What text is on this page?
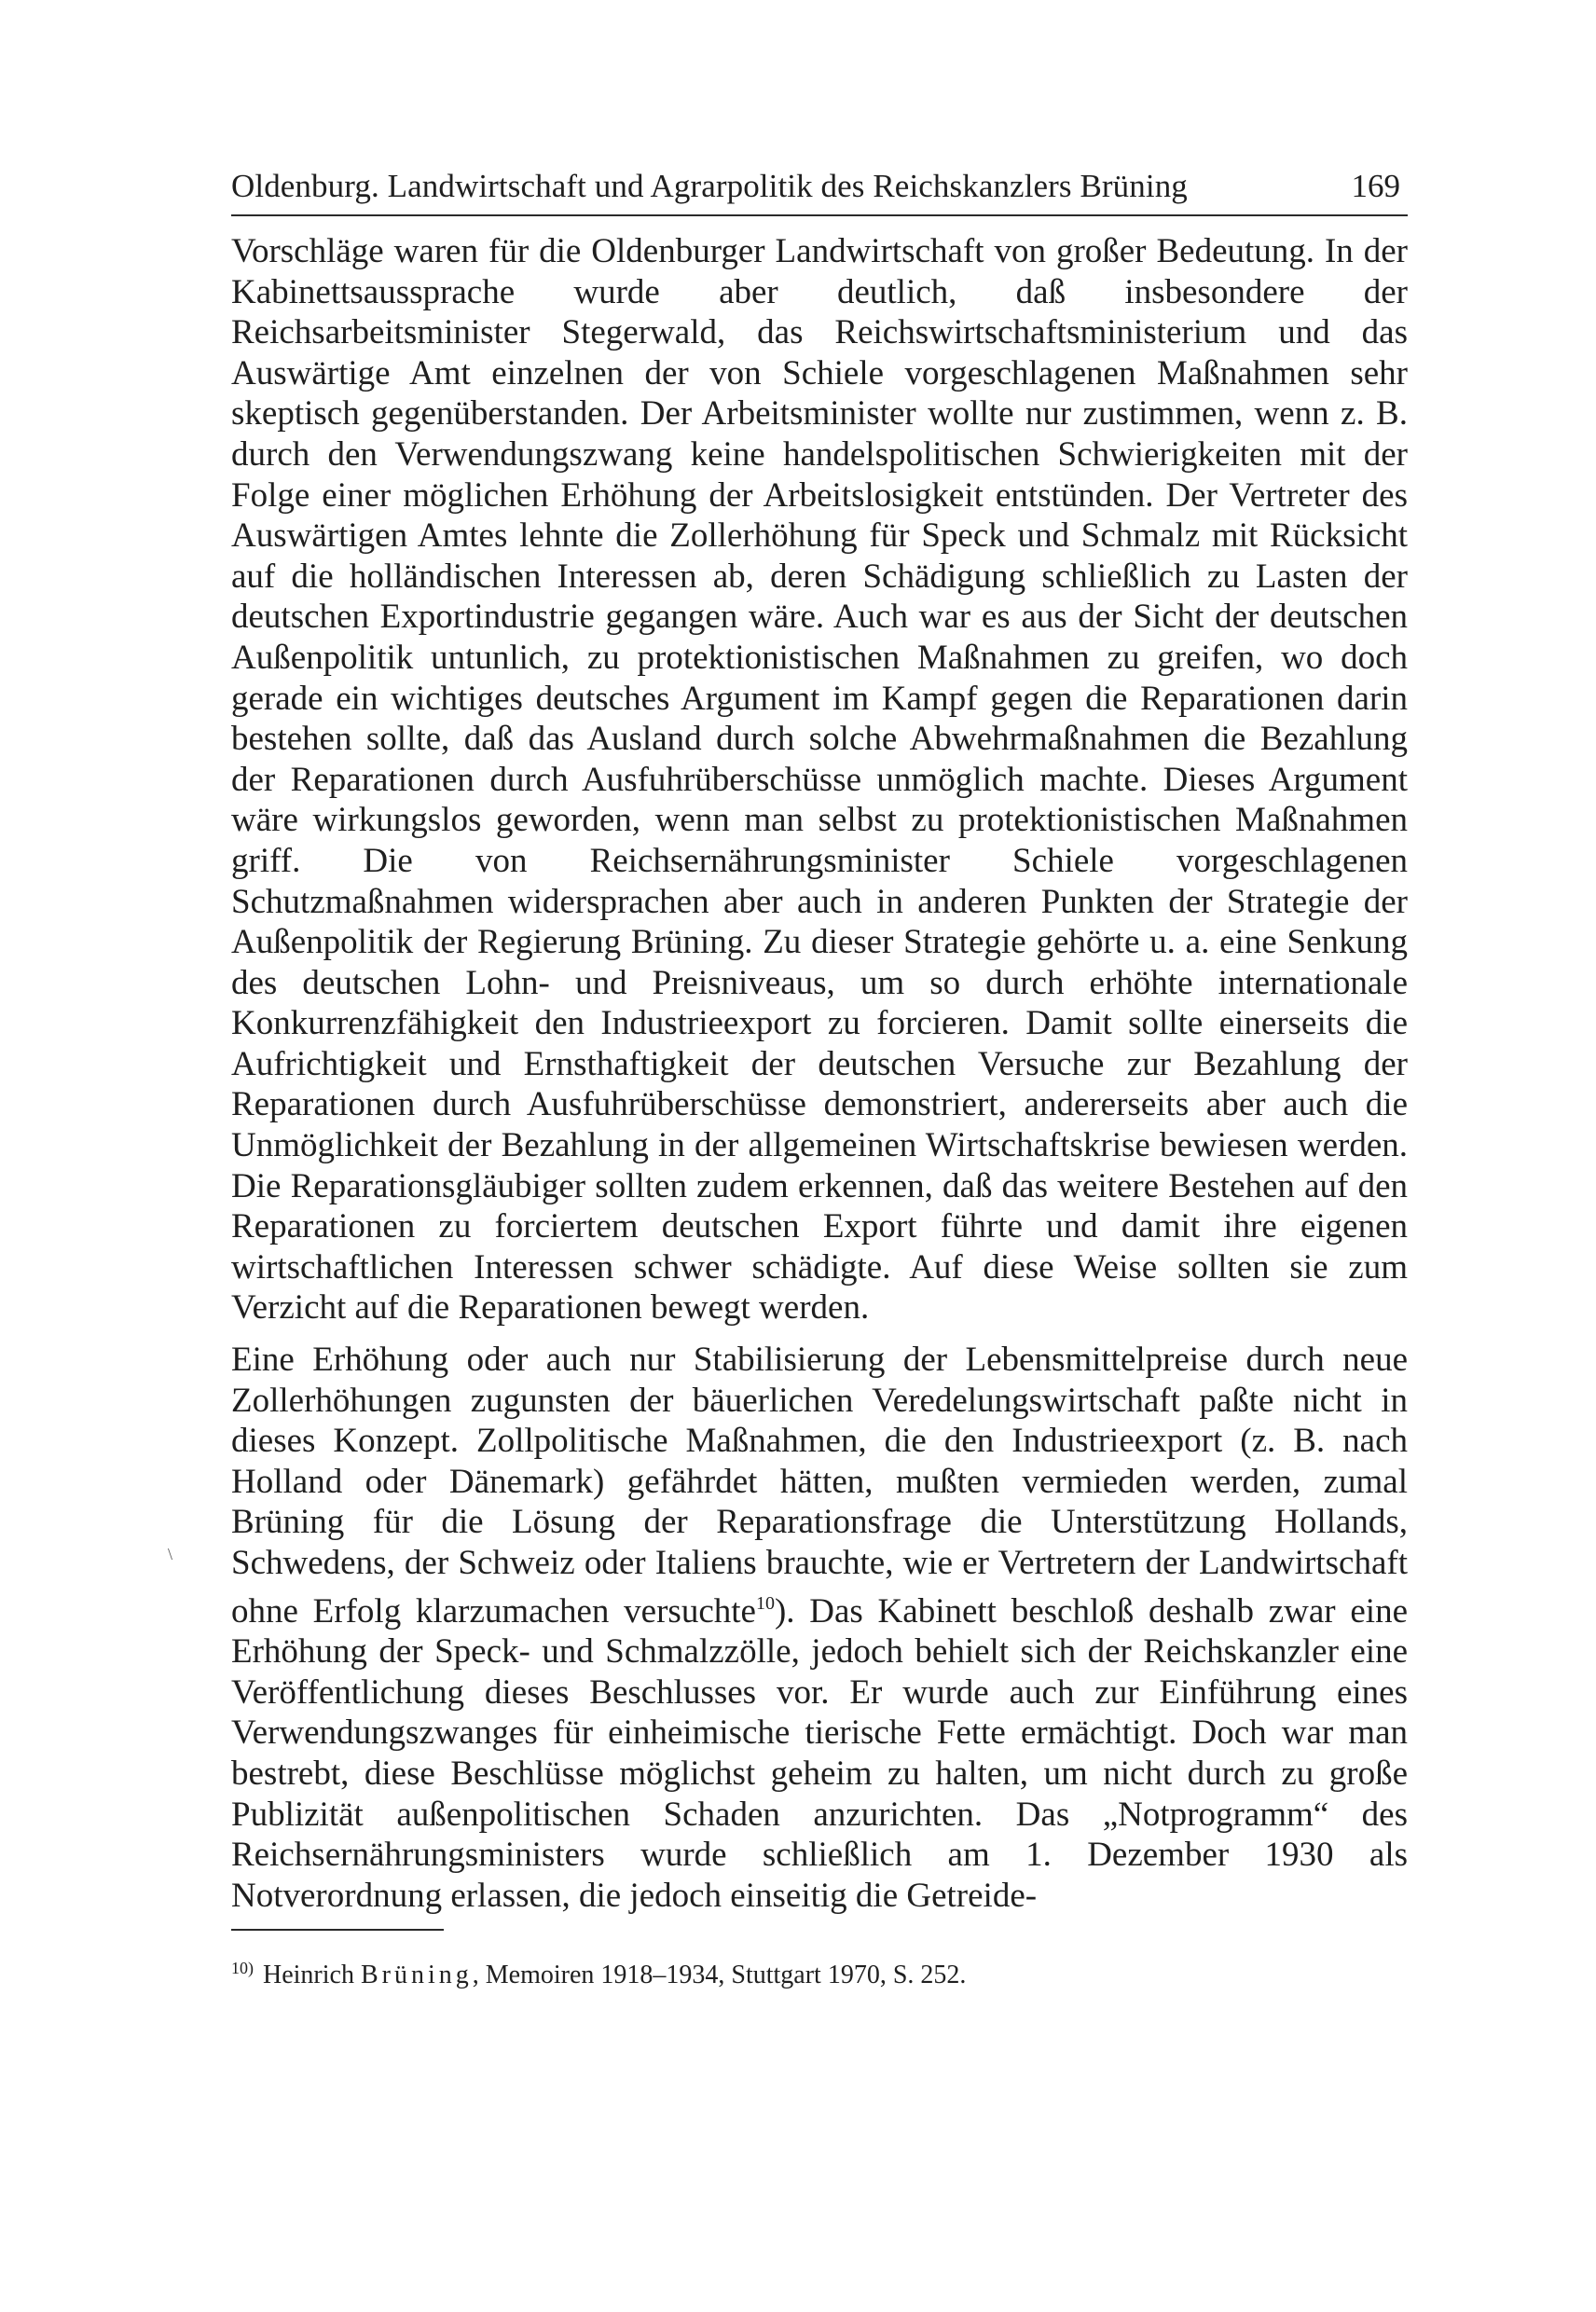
Oldenburg. Landwirtschaft und Agrarpolitik des Reichskanzlers Brüning	169

Vorschläge waren für die Oldenburger Landwirtschaft von großer Bedeutung. In der Kabinettsaussprache wurde aber deutlich, daß insbesondere der Reichsarbeitsminister Stegerwald, das Reichswirtschaftsministerium und das Auswärtige Amt einzelnen der von Schiele vorgeschlagenen Maßnahmen sehr skeptisch gegenüberstanden. Der Arbeitsminister wollte nur zustimmen, wenn z. B. durch den Verwendungszwang keine handelspolitischen Schwierigkeiten mit der Folge einer möglichen Erhöhung der Arbeitslosigkeit entstünden. Der Vertreter des Auswärtigen Amtes lehnte die Zollerhöhung für Speck und Schmalz mit Rücksicht auf die holländischen Interessen ab, deren Schädigung schließlich zu Lasten der deutschen Exportindustrie gegangen wäre. Auch war es aus der Sicht der deutschen Außenpolitik untunlich, zu protektionistischen Maßnahmen zu greifen, wo doch gerade ein wichtiges deutsches Argument im Kampf gegen die Reparationen darin bestehen sollte, daß das Ausland durch solche Abwehrmaßnahmen die Bezahlung der Reparationen durch Ausfuhrüberschüsse unmöglich machte. Dieses Argument wäre wirkungslos geworden, wenn man selbst zu protektionistischen Maßnahmen griff. Die von Reichsernährungsminister Schiele vorgeschlagenen Schutzmaßnahmen widersprachen aber auch in anderen Punkten der Strategie der Außenpolitik der Regierung Brüning. Zu dieser Strategie gehörte u. a. eine Senkung des deutschen Lohn- und Preisniveaus, um so durch erhöhte internationale Konkurrenzfähigkeit den Industrieexport zu forcieren. Damit sollte einerseits die Aufrichtigkeit und Ernsthaftigkeit der deutschen Versuche zur Bezahlung der Reparationen durch Ausfuhrüberschüsse demonstriert, andererseits aber auch die Unmöglichkeit der Bezahlung in der allgemeinen Wirtschaftskrise bewiesen werden. Die Reparationsgläubiger sollten zudem erkennen, daß das weitere Bestehen auf den Reparationen zu forciertem deutschen Export führte und damit ihre eigenen wirtschaftlichen Interessen schwer schädigte. Auf diese Weise sollten sie zum Verzicht auf die Reparationen bewegt werden.

Eine Erhöhung oder auch nur Stabilisierung der Lebensmittelpreise durch neue Zollerhöhungen zugunsten der bäuerlichen Veredelungswirtschaft paßte nicht in dieses Konzept. Zollpolitische Maßnahmen, die den Industrieexport (z. B. nach Holland oder Dänemark) gefährdet hätten, mußten vermieden werden, zumal Brüning für die Lösung der Reparationsfrage die Unterstützung Hollands, Schwedens, der Schweiz oder Italiens brauchte, wie er Vertretern der Landwirtschaft ohne Erfolg klarzumachen versuchte$^{10}$). Das Kabinett beschloß deshalb zwar eine Erhöhung der Speck- und Schmalzzölle, jedoch behielt sich der Reichskanzler eine Veröffentlichung dieses Beschlusses vor. Er wurde auch zur Einführung eines Verwendungszwanges für einheimische tierische Fette ermächtigt. Doch war man bestrebt, diese Beschlüsse möglichst geheim zu halten, um nicht durch zu große Publizität außenpolitischen Schaden anzurichten. Das „Notprogramm“ des Reichsernährungsministers wurde schließlich am 1. Dezember 1930 als Notverordnung erlassen, die jedoch einseitig die Getreide-

$^{10)}$ Heinrich Brüning, Memoiren 1918–1934, Stuttgart 1970, S. 252.
\
